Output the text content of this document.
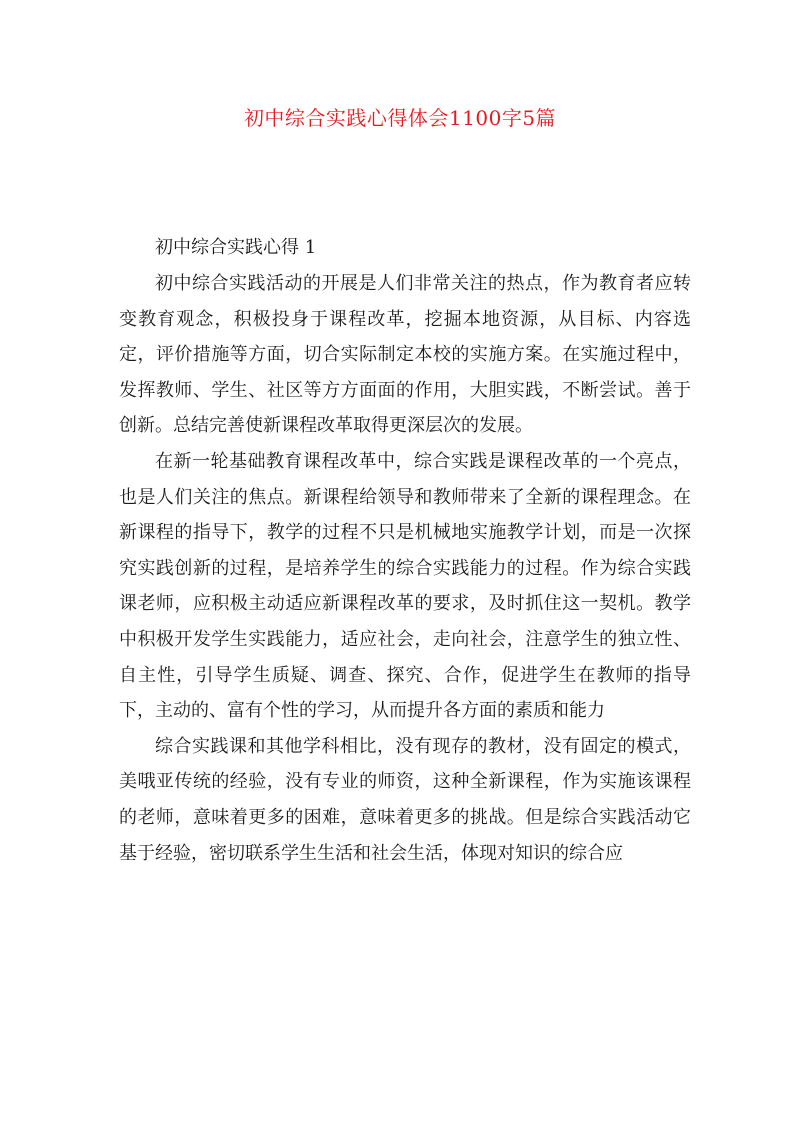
初中综合实践心得体会1100字5篇

初中综合实践心得 1

初中综合实践活动的开展是人们非常关注的热点，作为教育者应转变教育观念，积极投身于课程改革，挖掘本地资源，从目标、内容选定，评价措施等方面，切合实际制定本校的实施方案。在实施过程中，发挥教师、学生、社区等方方面面的作用，大胆实践，不断尝试。善于创新。总结完善使新课程改革取得更深层次的发展。

在新一轮基础教育课程改革中，综合实践是课程改革的一个亮点，也是人们关注的焦点。新课程给领导和教师带来了全新的课程理念。在新课程的指导下，教学的过程不只是机械地实施教学计划，而是一次探究实践创新的过程，是培养学生的综合实践能力的过程。作为综合实践课老师，应积极主动适应新课程改革的要求，及时抓住这一契机。教学中积极开发学生实践能力，适应社会，走向社会，注意学生的独立性、自主性，引导学生质疑、调查、探究、合作，促进学生在教师的指导下，主动的、富有个性的学习，从而提升各方面的素质和能力

综合实践课和其他学科相比，没有现存的教材，没有固定的模式，美哦亚传统的经验，没有专业的师资，这种全新课程，作为实施该课程的老师，意味着更多的困难，意味着更多的挑战。但是综合实践活动它基于经验，密切联系学生生活和社会生活，体现对知识的综合应
